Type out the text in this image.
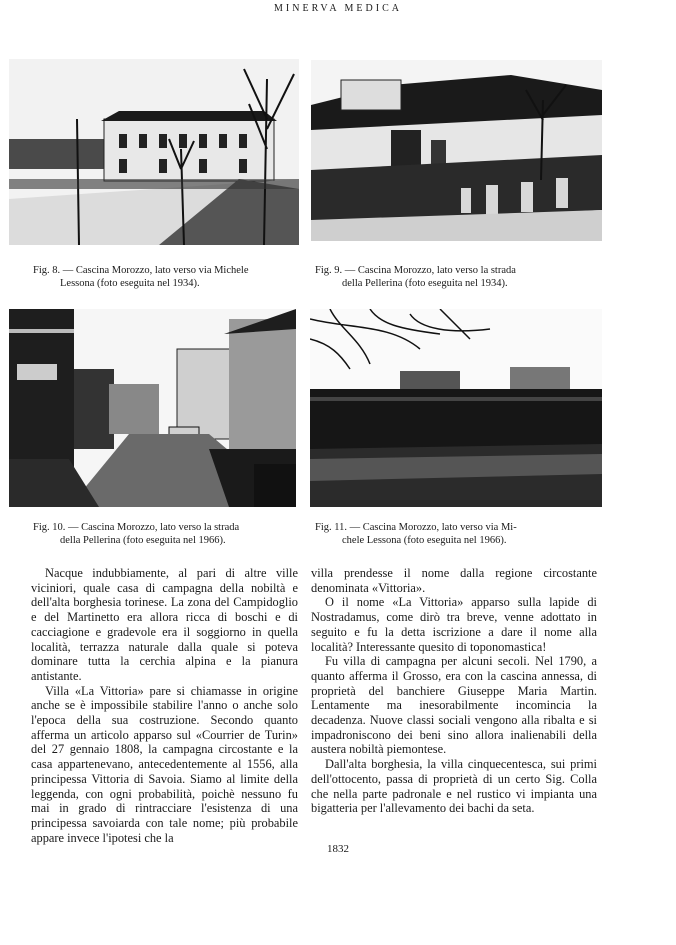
MINERVA MEDICA
Fig. 8. — Cascina Morozzo, lato verso via Michele
Lessona (foto eseguita nel 1934).
Fig. 9. — Cascina Morozzo, lato verso la strada
della Pellerina (foto eseguita nel 1934).
Fig. 10. — Cascina Morozzo, lato verso la strada
della Pellerina (foto eseguita nel 1966).
Fig. 11. — Cascina Morozzo, lato verso via Mi-
chele Lessona (foto eseguita nel 1966).

Nacque indubbiamente, al pari di altre ville viciniori, quale casa di campagna della nobiltà e dell'alta borghesia torinese. La zona del Campidoglio e del Martinetto era allora ricca di boschi e di cacciagione e gradevole era il soggiorno in quella località, terrazza naturale dalla quale si poteva dominare tutta la cerchia alpina e la pianura antistante.

Villa «La Vittoria» pare si chiamasse in origine anche se è impossibile stabilire l'anno o anche solo l'epoca della sua costruzione. Secondo quanto afferma un articolo apparso sul «Courrier de Turin» del 27 gennaio 1808, la campagna circostante e la casa appartenevano, antecedentemente al 1556, alla principessa Vittoria di Savoia. Siamo al limite della leggenda, con ogni probabilità, poichè nessuno fu mai in grado di rintracciare l'esistenza di una principessa savoiarda con tale nome; più probabile appare invece l'ipotesi che la

villa prendesse il nome dalla regione circostante denominata «Vittoria».

O il nome «La Vittoria» apparso sulla lapide di Nostradamus, come dirò tra breve, venne adottato in seguito e fu la detta iscrizione a dare il nome alla località? Interessante quesito di toponomastica!

Fu villa di campagna per alcuni secoli. Nel 1790, a quanto afferma il Grosso, era con la cascina annessa, di proprietà del banchiere Giuseppe Maria Martin. Lentamente ma inesorabilmente incomincia la decadenza. Nuove classi sociali vengono alla ribalta e si impadroniscono dei beni sino allora inalienabili della austera nobiltà piemontese.

Dall'alta borghesia, la villa cinquecentesca, sui primi dell'ottocento, passa di proprietà di un certo Sig. Colla che nella parte padronale e nel rustico vi impianta una bigatteria per l'allevamento dei bachi da seta.

1832
